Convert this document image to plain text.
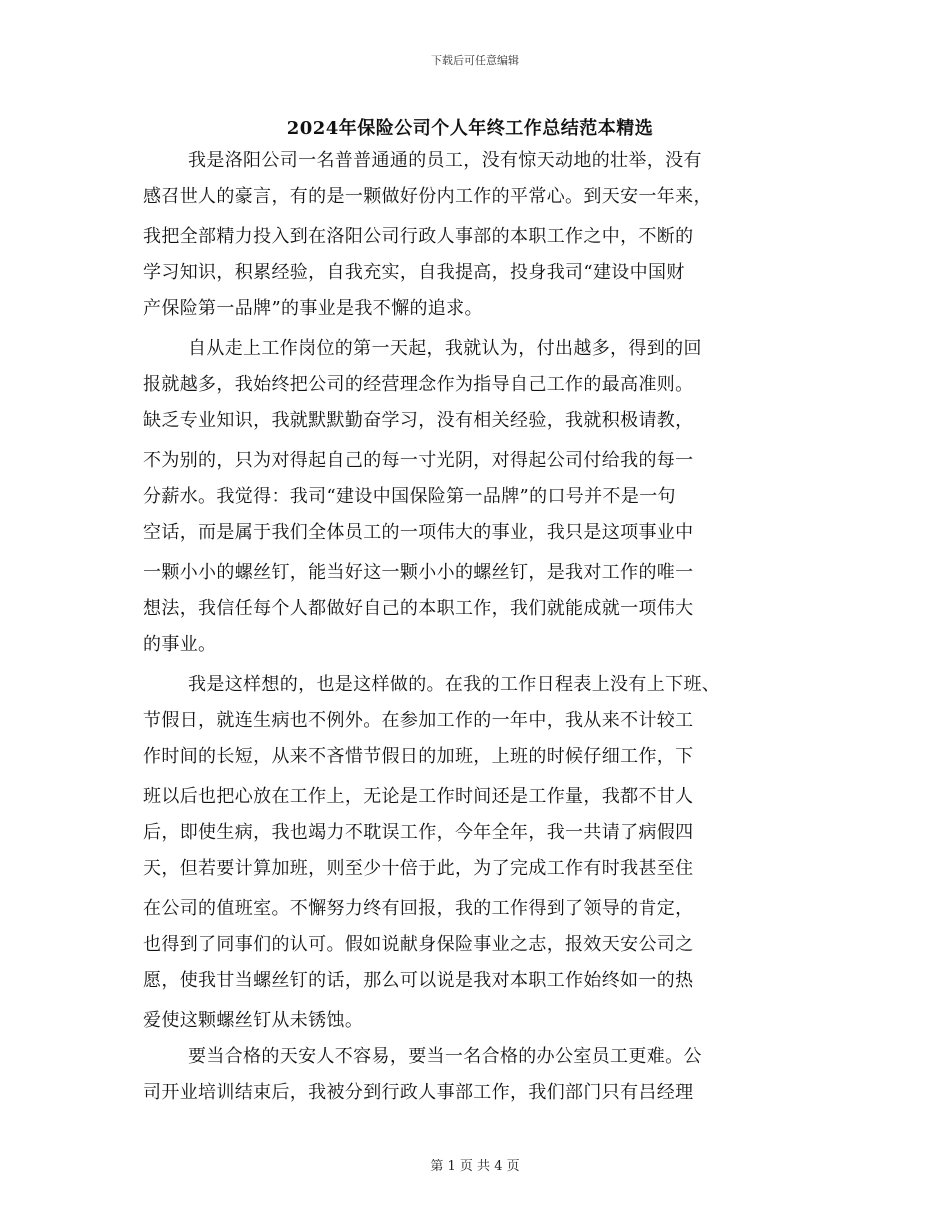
下载后可任意编辑
2024年保险公司个人年终工作总结范本精选
我是洛阳公司一名普普通通的员工，没有惊天动地的壮举，没有
感召世人的豪言，有的是一颗做好份内工作的平常心。到天安一年来，
我把全部精力投入到在洛阳公司行政人事部的本职工作之中，不断的
学习知识，积累经验，自我充实，自我提高，投身我司“建设中国财
产保险第一品牌”的事业是我不懈的追求。
自从走上工作岗位的第一天起，我就认为，付出越多，得到的回
报就越多，我始终把公司的经营理念作为指导自己工作的最高准则。
缺乏专业知识，我就默默勤奋学习，没有相关经验，我就积极请教，
不为别的，只为对得起自己的每一寸光阴，对得起公司付给我的每一
分薪水。我觉得：我司“建设中国保险第一品牌”的口号并不是一句
空话，而是属于我们全体员工的一项伟大的事业，我只是这项事业中
一颗小小的螺丝钉，能当好这一颗小小的螺丝钉，是我对工作的唯一
想法，我信任每个人都做好自己的本职工作，我们就能成就一项伟大
的事业。
我是这样想的，也是这样做的。在我的工作日程表上没有上下班、
节假日，就连生病也不例外。在参加工作的一年中，我从来不计较工
作时间的长短，从来不吝惜节假日的加班，上班的时候仔细工作，下
班以后也把心放在工作上，无论是工作时间还是工作量，我都不甘人
后，即使生病，我也竭力不耽误工作，今年全年，我一共请了病假四
天，但若要计算加班，则至少十倍于此，为了完成工作有时我甚至住
在公司的值班室。不懈努力终有回报，我的工作得到了领导的肯定，
也得到了同事们的认可。假如说献身保险事业之志，报效天安公司之
愿，使我甘当螺丝钉的话，那么可以说是我对本职工作始终如一的热
爱使这颗螺丝钉从未锈蚀。
要当合格的天安人不容易，要当一名合格的办公室员工更难。公
司开业培训结束后，我被分到行政人事部工作，我们部门只有吕经理
第 1 页 共 4 页
